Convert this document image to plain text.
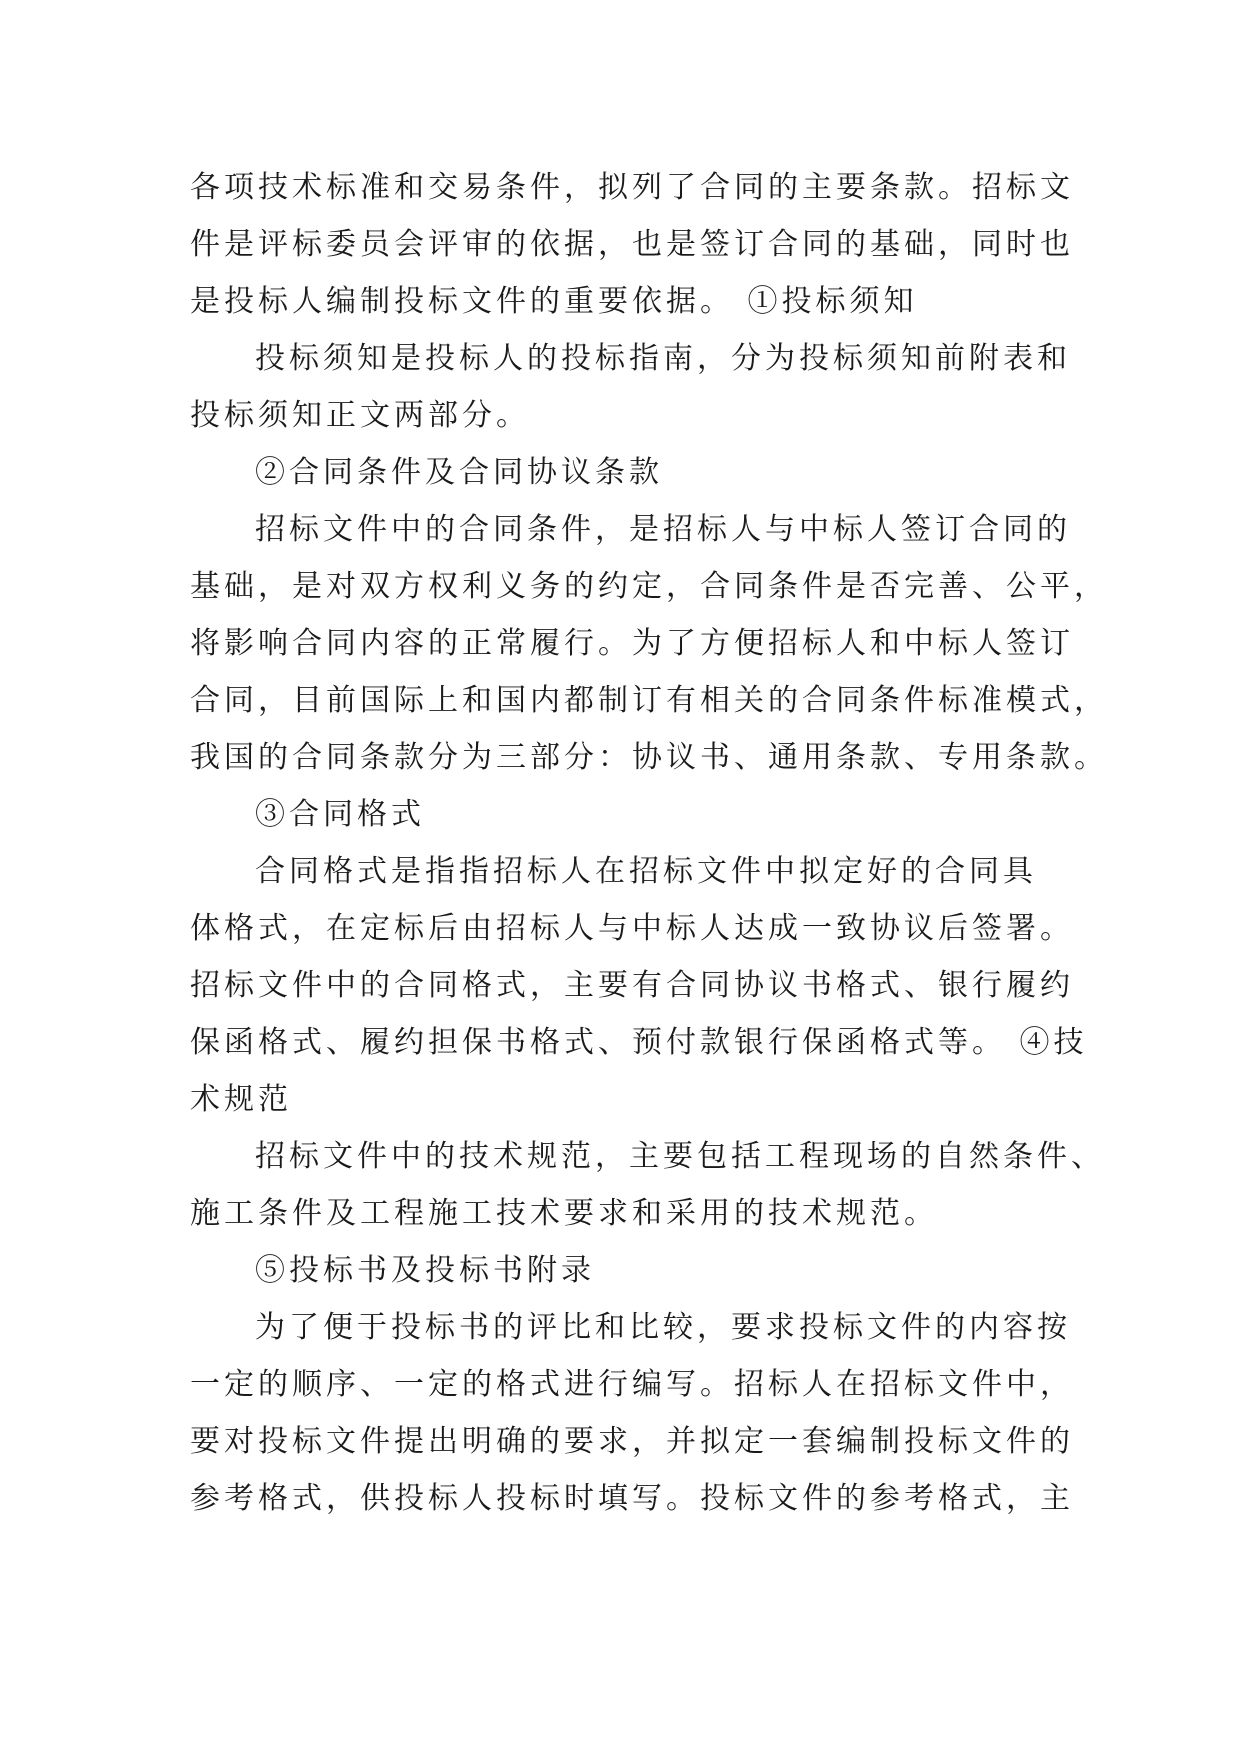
各项技术标准和交易条件，拟列了合同的主要条款。招标文
件是评标委员会评审的依据，也是签订合同的基础，同时也
是投标人编制投标文件的重要依据。 ①投标须知
投标须知是投标人的投标指南，分为投标须知前附表和
投标须知正文两部分。
②合同条件及合同协议条款
招标文件中的合同条件，是招标人与中标人签订合同的
基础，是对双方权利义务的约定，合同条件是否完善、公平，
将影响合同内容的正常履行。为了方便招标人和中标人签订
合同，目前国际上和国内都制订有相关的合同条件标准模式，
我国的合同条款分为三部分：协议书、通用条款、专用条款。
③合同格式
合同格式是指指招标人在招标文件中拟定好的合同具
体格式，在定标后由招标人与中标人达成一致协议后签署。
招标文件中的合同格式，主要有合同协议书格式、银行履约
保函格式、履约担保书格式、预付款银行保函格式等。 ④技
术规范
招标文件中的技术规范，主要包括工程现场的自然条件、
施工条件及工程施工技术要求和采用的技术规范。
⑤投标书及投标书附录
为了便于投标书的评比和比较，要求投标文件的内容按
一定的顺序、一定的格式进行编写。招标人在招标文件中，
要对投标文件提出明确的要求，并拟定一套编制投标文件的
参考格式，供投标人投标时填写。投标文件的参考格式，主
